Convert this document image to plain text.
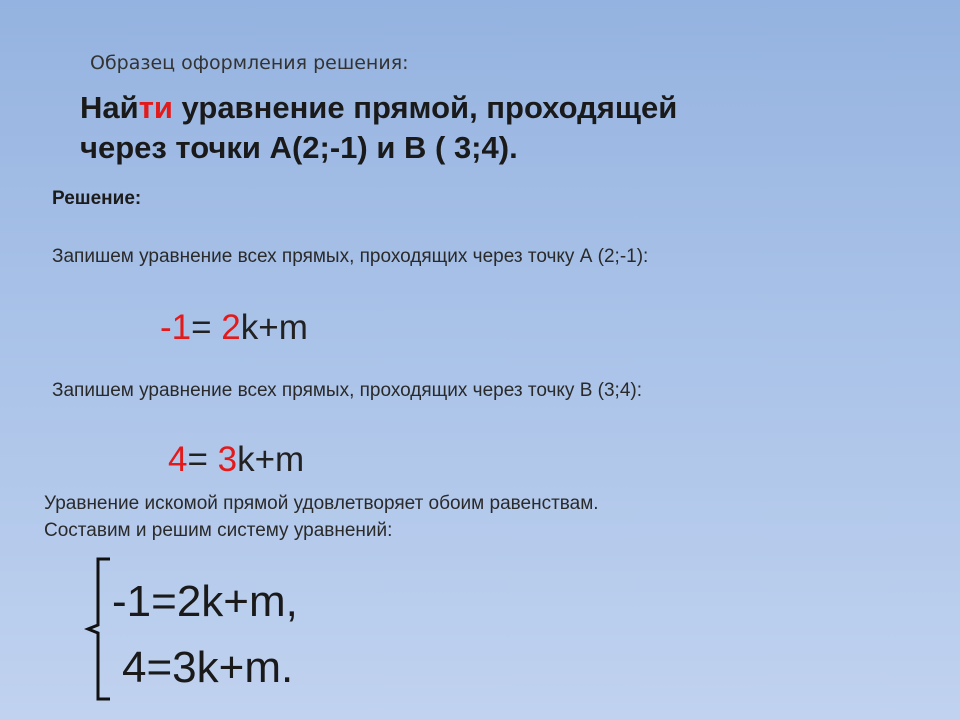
Образец оформления решения:
Найти уравнение прямой, проходящей
через точки А(2;-1) и В ( 3;4).
Решение:
Запишем уравнение всех прямых, проходящих через точку А (2;-1):
-1= 2k+m
Запишем уравнение всех прямых, проходящих через точку В (3;4):
4= 3k+m
Уравнение искомой прямой удовлетворяет обоим равенствам.
Составим и решим систему уравнений:
-1=2k+m,
4=3k+m.
